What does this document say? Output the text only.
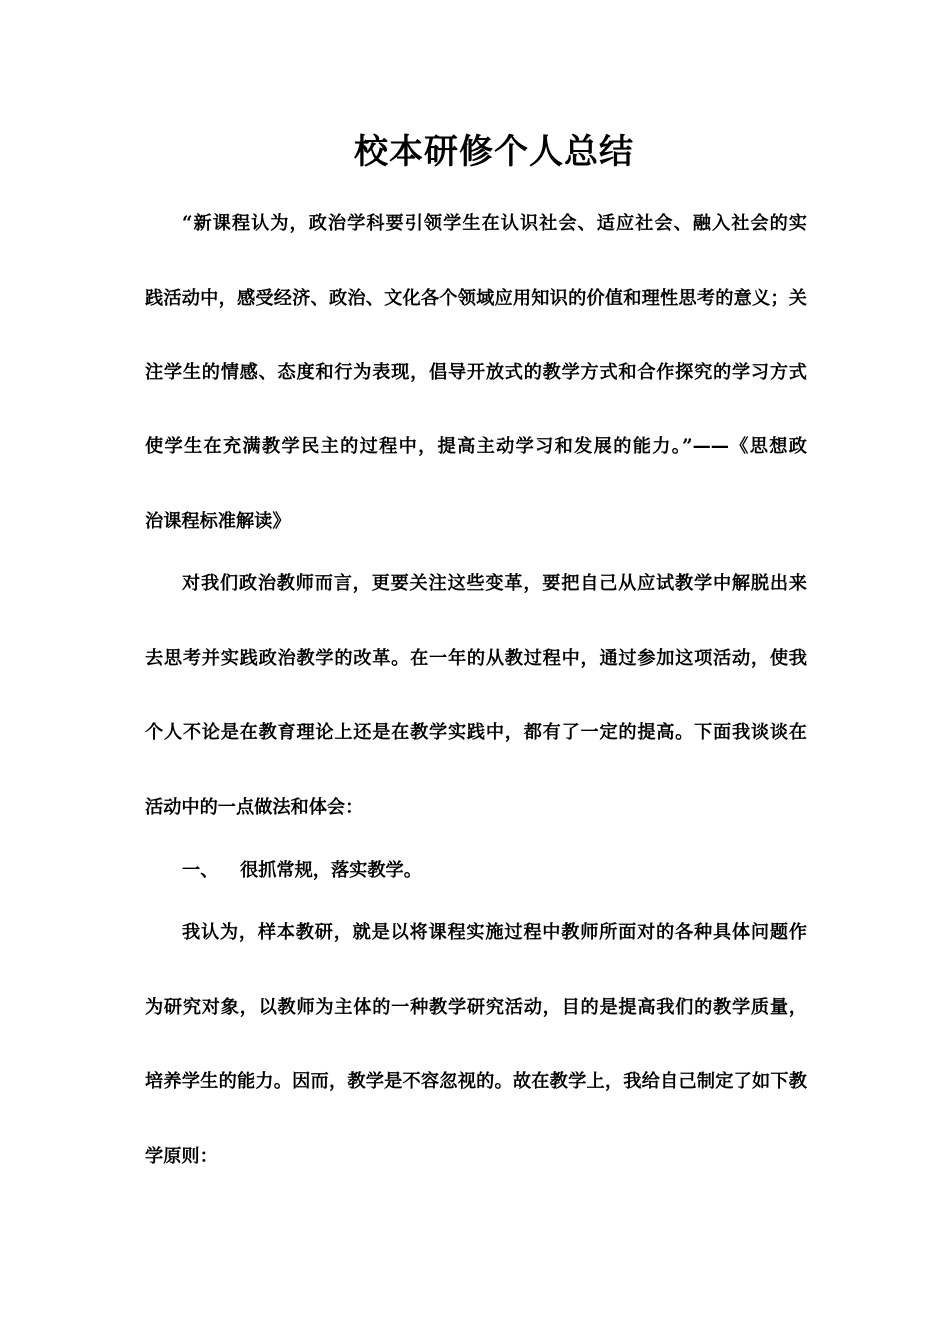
校本研修个人总结
“新课程认为，政治学科要引领学生在认识社会、适应社会、融入社会的实
践活动中，感受经济、政治、文化各个领域应用知识的价值和理性思考的意义；关
注学生的情感、态度和行为表现，倡导开放式的教学方式和合作探究的学习方式
使学生在充满教学民主的过程中，提高主动学习和发展的能力。”——《思想政
治课程标准解读》
对我们政治教师而言，更要关注这些变革，要把自己从应试教学中解脱出来
去思考并实践政治教学的改革。在一年的从教过程中，通过参加这项活动，使我
个人不论是在教育理论上还是在教学实践中，都有了一定的提高。下面我谈谈在
活动中的一点做法和体会：
一、 很抓常规，落实教学。
我认为，样本教研，就是以将课程实施过程中教师所面对的各种具体问题作
为研究对象，以教师为主体的一种教学研究活动，目的是提高我们的教学质量，
培养学生的能力。因而，教学是不容忽视的。故在教学上，我给自己制定了如下教
学原则：
